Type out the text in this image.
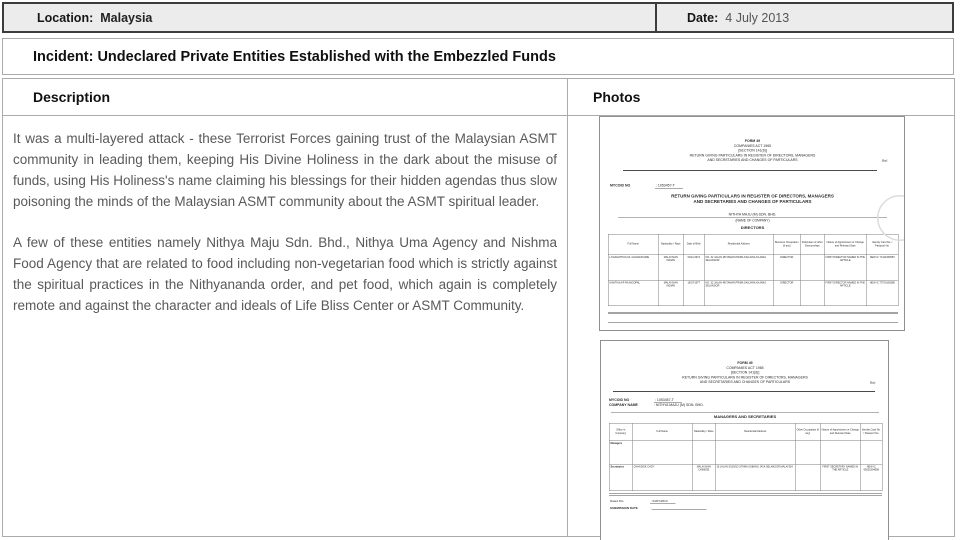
Location: Malaysia	Date: 4 July 2013
Incident: Undeclared Private Entities Established with the Embezzled Funds
Description	Photos

It was a multi-layered attack - these Terrorist Forces gaining trust of the Malaysian ASMT community in leading them, keeping His Divine Holiness in the dark about the misuse of funds, using His Holiness's name claiming his blessings for their hidden agendas thus slow poisoning the minds of the Malaysian ASMT community about the ASMT spiritual leader.

A few of these entities namely Nithya Maju Sdn. Bhd., Nithya Uma Agency and Nishma Food Agency that are related to food including non-vegetarian food which is strictly against the spiritual practices in the Nithyananda order, and pet food, which again is completely remote and against the character and ideals of Life Bliss Center or ASMT Community.

FORM 49
COMPANIES ACT 1965
[SECTION 141(6)]
RETURN GIVING PARTICULARS IN REGISTER OF DIRECTORS, MANAGERS
AND SECRETARIES AND CHANGES OF PARTICULARS	Ref.
MYCOID NO	: 1053457-T
RETURN GIVING PARTICULARS IN REGISTER OF DIRECTORS, MANAGERS
AND SECRETARIES AND CHANGES OF PARTICULARS
NITHYA MAJU (M) SDN. BHD.
(NAME OF COMPANY)
DIRECTORS
Full Name	Nationality / Race	Date of Birth	Residential Address	Business Occupation (if any)	Particulars of other Directorships	Nature of Appointment or Change and Relevant Date	Identity Card No. / Passport No.
LOGANATHAN A/L GUNARASURE	MALAYSIAN INDIAN	04/11/1974	NO. 32 JALAN 4B TAMAN PRIMA SAUJANA KAJANG SELANGOR	DIRECTOR		FIRST DIRECTOR NAMED IN THE ARTICLE	NEW IC 74110406553
KAVITHA A/P RAJAGOPAL	MALAYSIAN INDIAN	16/07/1977	NO. 32 JALAN 4B TAMAN PRIMA SAUJANA KAJANG SELANGOR	DIRECTOR		FIRST DIRECTOR NAMED IN THE ARTICLE	NEW IC 77071606586
FORM 49
COMPANIES ACT 1965
[SECTION 141(6)]
RETURN GIVING PARTICULARS IN REGISTER OF DIRECTORS, MANAGERS
AND SECRETARIES AND CHANGES OF PARTICULARS	Ref.
MYCOID NO	: 1053457-T
COMPANY NAME : NITHYA MAJU (M) SDN. BHD.
MANAGERS AND SECRETARIES
Office in Company	Full Name	Nationality / Race	Residential Address	Other Occupation (if any)	Nature of Appointment or Change and Relevant Date	Identity Card No. / Passport No.
Managers						
Secretaries	CHAN BOK CHOY	MALAYSIAN CHINESE	16 JALAN SS19/1D UTAMA SUBANG JAYA SELANGOR MALAYSIA		FIRST SECRETARY NAMED IN THE ARTICLE	NEW IC 65020304558
Dated this	: 04/07/2013
SUBMISSION DATE :
